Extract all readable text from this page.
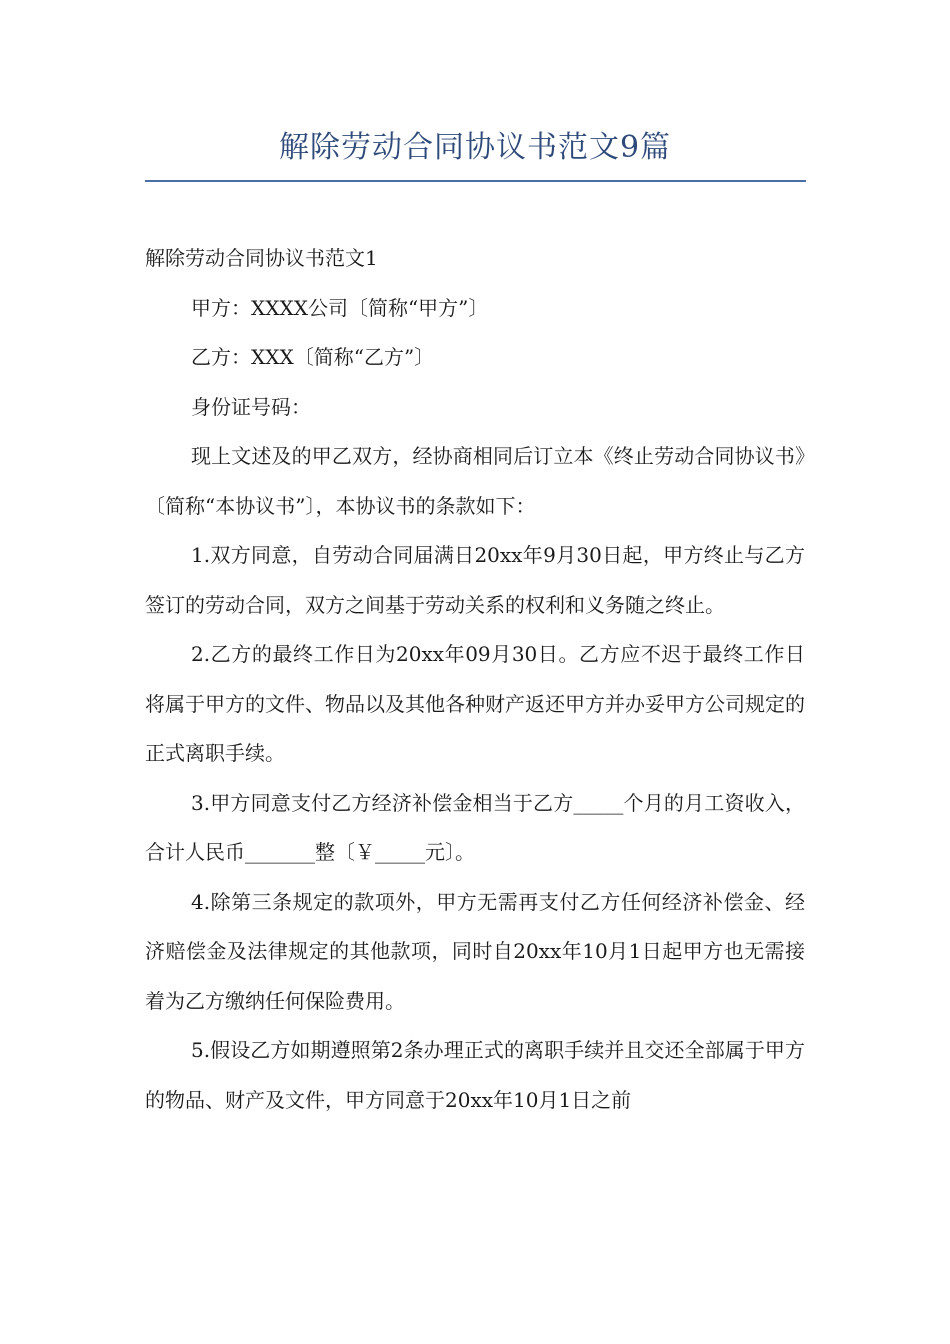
解除劳动合同协议书范文9篇

解除劳动合同协议书范文1

甲方：XXXX公司〔简称“甲方”〕

乙方：XXX〔简称“乙方”〕

身份证号码：

现上文述及的甲乙双方，经协商相同后订立本《终止劳动合同协议书》〔简称“本协议书”〕，本协议书的条款如下：

1.双方同意，自劳动合同届满日20xx年9月30日起，甲方终止与乙方签订的劳动合同，双方之间基于劳动关系的权利和义务随之终止。

2.乙方的最终工作日为20xx年09月30日。乙方应不迟于最终工作日将属于甲方的文件、物品以及其他各种财产返还甲方并办妥甲方公司规定的正式离职手续。

3.甲方同意支付乙方经济补偿金相当于乙方_____个月的月工资收入，合计人民币_______整〔￥_____元〕。

4.除第三条规定的款项外，甲方无需再支付乙方任何经济补偿金、经济赔偿金及法律规定的其他款项，同时自20xx年10月1日起甲方也无需接着为乙方缴纳任何保险费用。

5.假设乙方如期遵照第2条办理正式的离职手续并且交还全部属于甲方的物品、财产及文件，甲方同意于20xx年10月1日之前
